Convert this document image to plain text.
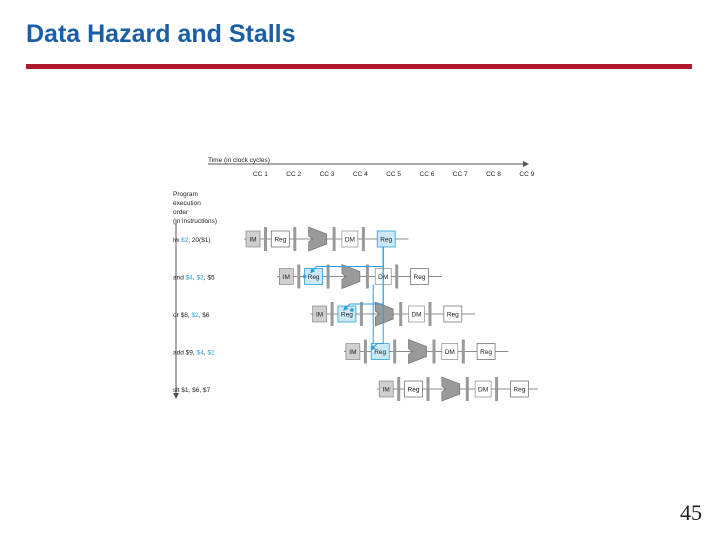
Data Hazard and Stalls
Time (in clock cycles)
CC 1	CC 2	CC 3	CC 4	CC 5	CC 6	CC 7	CC 8	CC 9
Program
execution
order
(in instructions)
lw $2, 20($1)
and $4, $2, $5
or $8, $2, $6
add $9, $4, $2
slt $1, $6, $7
IM	Reg	DM	Reg
IM	Reg	DM	Reg
IM	Reg	DM	Reg
IM	Reg	DM	Reg
IM	Reg	DM	Reg
45
